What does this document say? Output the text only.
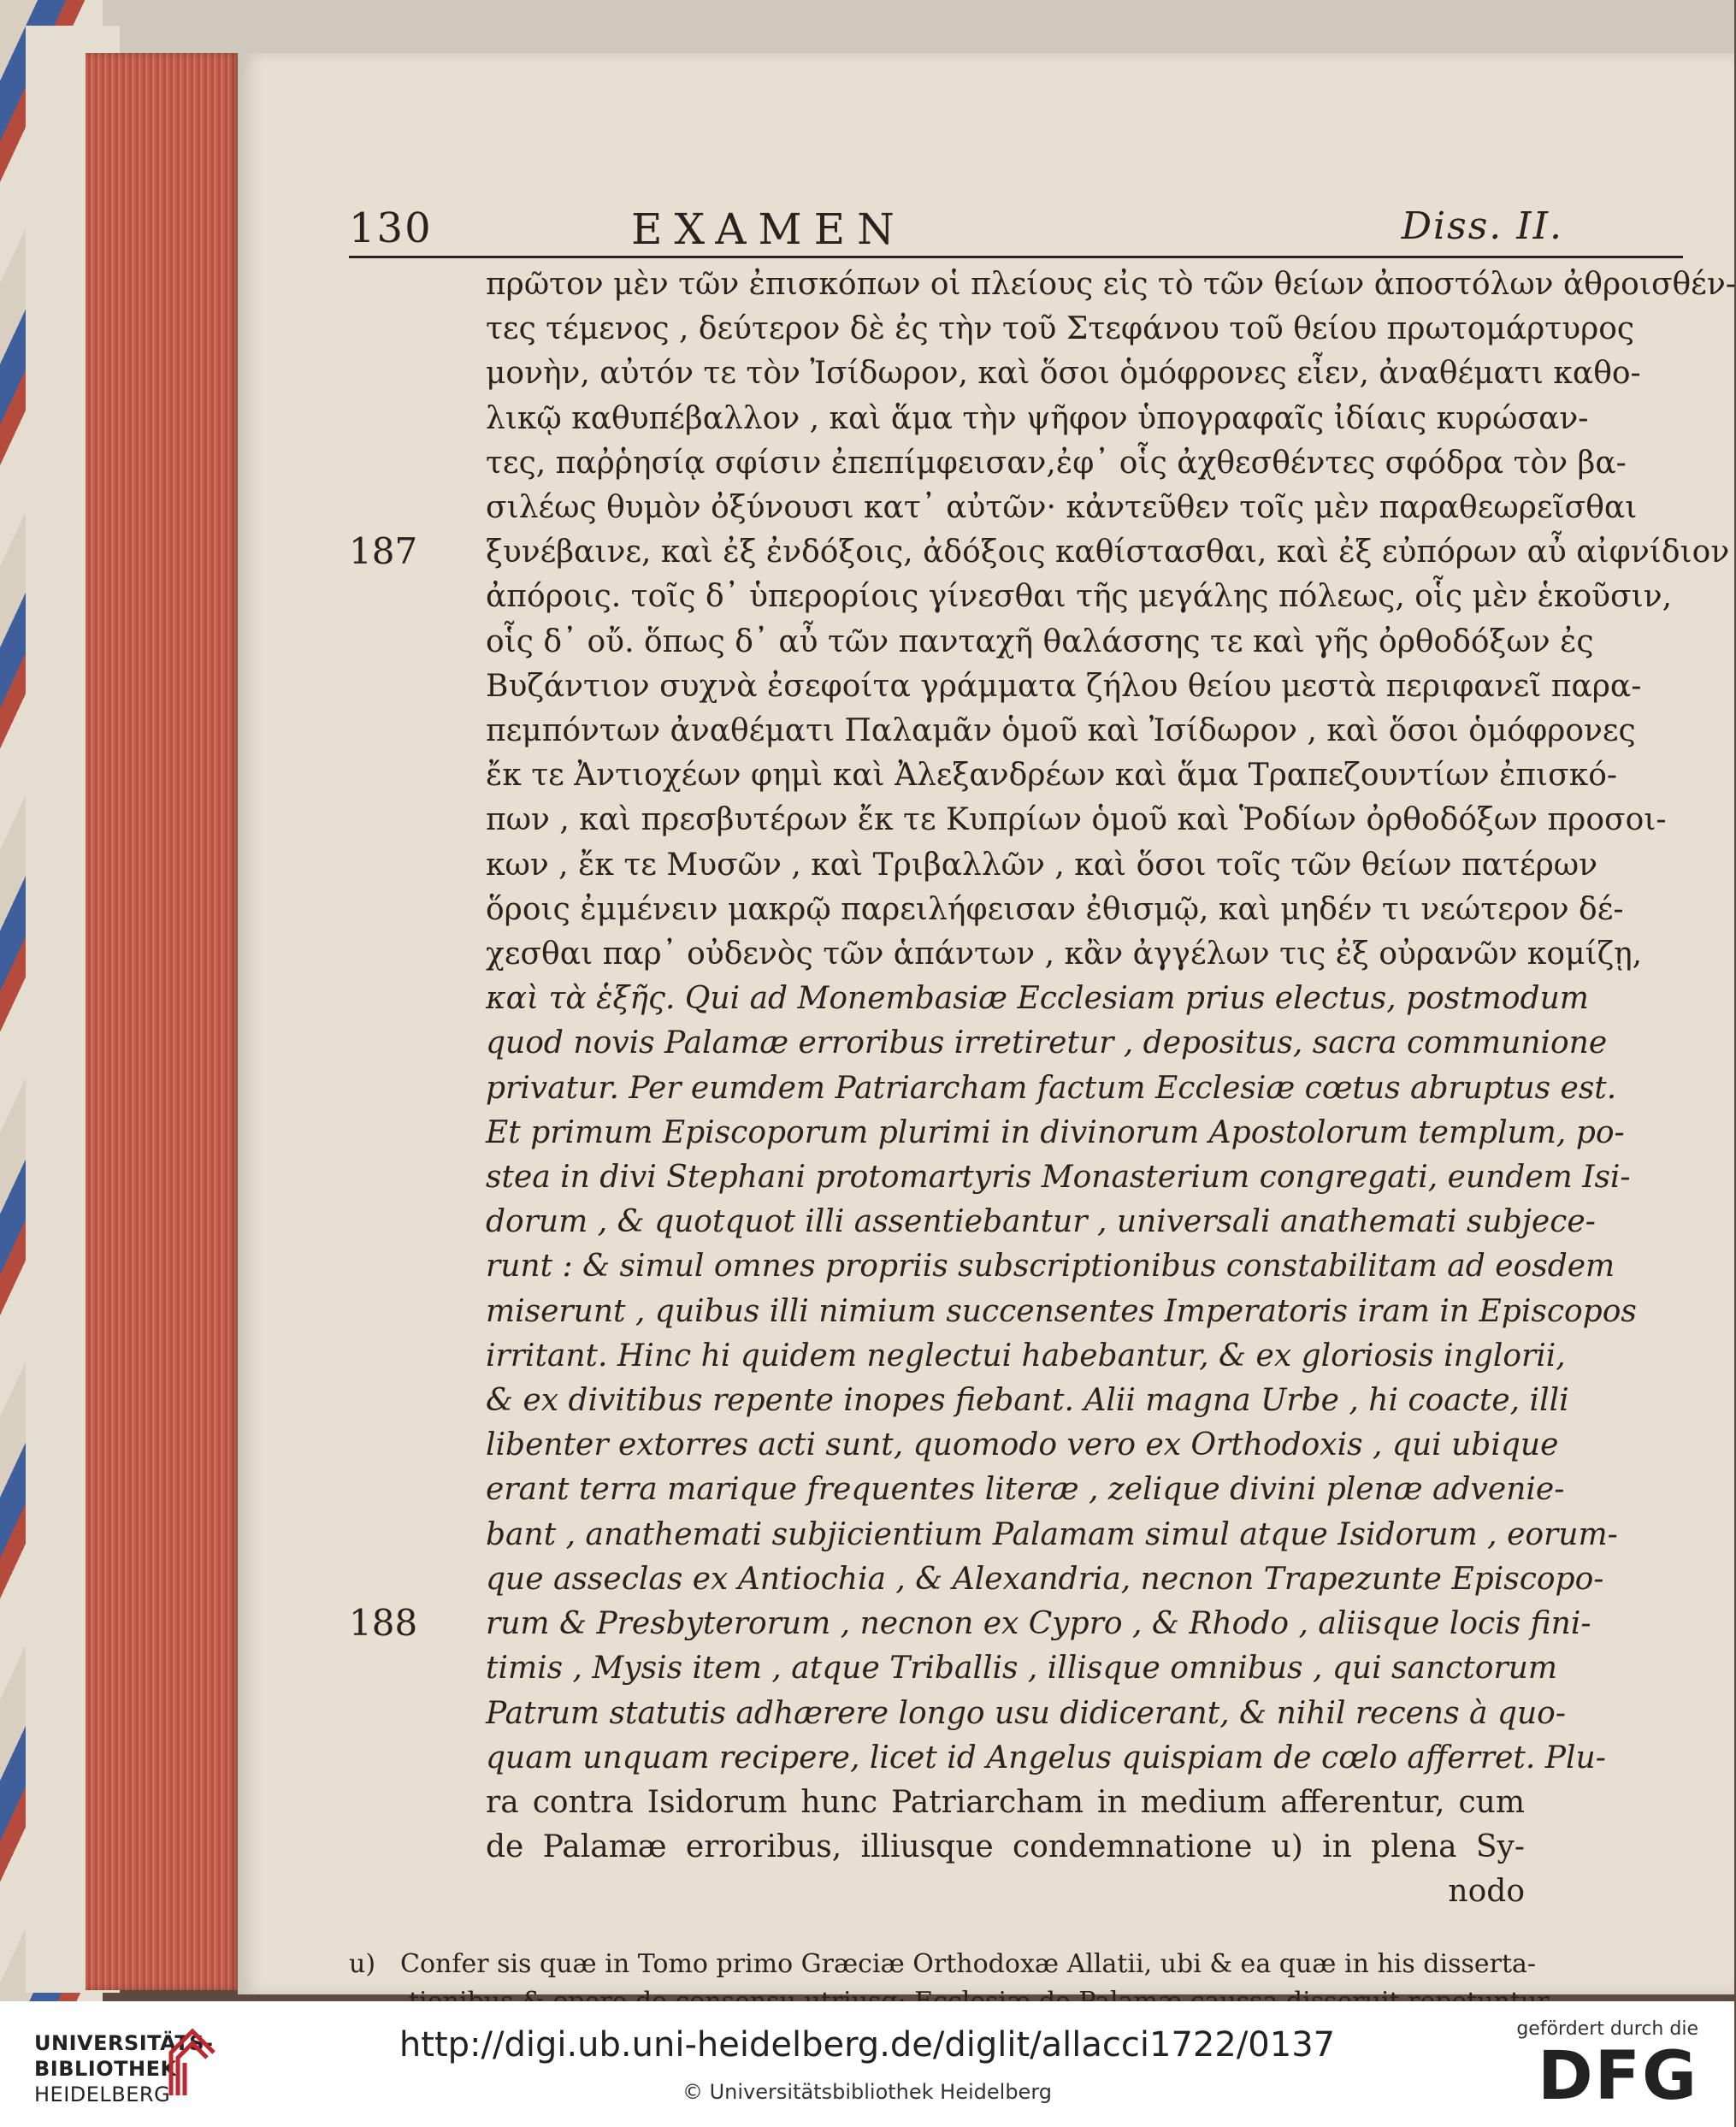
130	EXAMEN	Diss. II.
πρῶτον μὲν τῶν ἐπισκόπων οἱ πλείους εἰς τὸ τῶν θείων ἀποστόλων ἀθροισθέν-
τες τέμενος , δεύτερον δὲ ἐς τὴν τοῦ Στεφάνου τοῦ θείου πρωτομάρτυρος
μονὴν, αὐτόν τε τὸν Ἰσίδωρον, καὶ ὅσοι ὁμόφρονες εἶεν, ἀναθέματι καθο-
λικῷ καθυπέβαλλον , καὶ ἅμα τὴν ψῆφον ὑπογραφαῖς ἰδίαις κυρώσαν-
τες, παῤῥησίᾳ σφίσιν ἐπεπίμφεισαν,ἐφ᾽ οἷς ἀχθεσθέντες σφόδρα τὸν βα-
σιλέως θυμὸν ὀξύνουσι κατ᾽ αὐτῶν· κἀντεῦθεν τοῖς μὲν παραθεωρεῖσθαι
ξυνέβαινε, καὶ ἐξ ἐνδόξοις, ἀδόξοις καθίστασθαι, καὶ ἐξ εὐπόρων αὖ αἰφνίδιον
ἀπόροις. τοῖς δ᾽ ὑπερορίοις γίνεσθαι τῆς μεγάλης πόλεως, οἷς μὲν ἑκοῦσιν,
οἷς δ᾽ οὔ. ὅπως δ᾽ αὖ τῶν πανταχῆ θαλάσσης τε καὶ γῆς ὀρθοδόξων ἐς
Βυζάντιον συχνὰ ἐσεφοίτα γράμματα ζήλου θείου μεστὰ περιφανεῖ παρα-
πεμπόντων ἀναθέματι Παλαμᾶν ὁμοῦ καὶ Ἰσίδωρον , καὶ ὅσοι ὁμόφρονες
ἔκ τε Ἀντιοχέων φημὶ καὶ Ἀλεξανδρέων καὶ ἅμα Τραπεζουντίων ἐπισκό-
πων , καὶ πρεσβυτέρων ἔκ τε Κυπρίων ὁμοῦ καὶ Ῥοδίων ὀρθοδόξων προσοι-
κων , ἔκ τε Μυσῶν , καὶ Τριβαλλῶν , καὶ ὅσοι τοῖς τῶν θείων πατέρων
ὅροις ἐμμένειν μακρῷ παρειλήφεισαν ἐθισμῷ, καὶ μηδέν τι νεώτερον δέ-
χεσθαι παρ᾽ οὐδενὸς τῶν ἁπάντων , κἂν ἀγγέλων τις ἐξ οὐρανῶν κομίζῃ,
καὶ τὰ ἑξῆς. Qui ad Monembasiæ Ecclesiam prius electus, postmodum
quod novis Palamæ erroribus irretiretur , depositus, sacra communione
privatur. Per eumdem Patriarcham factum Ecclesiæ cœtus abruptus est.
Et primum Episcoporum plurimi in divinorum Apostolorum templum, po-
stea in divi Stephani protomartyris Monasterium congregati, eundem Isi-
dorum , & quotquot illi assentiebantur , universali anathemati subjece-
runt : & simul omnes propriis subscriptionibus constabilitam ad eosdem
miserunt , quibus illi nimium succensentes Imperatoris iram in Episcopos
irritant. Hinc hi quidem neglectui habebantur, & ex gloriosis inglorii,
& ex divitibus repente inopes fiebant. Alii magna Urbe , hi coacte, illi
libenter extorres acti sunt, quomodo vero ex Orthodoxis , qui ubique
erant terra marique frequentes literæ , zelique divini plenæ advenie-
bant , anathemati subjicientium Palamam simul atque Isidorum , eorum-
que asseclas ex Antiochia , & Alexandria, necnon Trapezunte Episcopo-
rum & Presbyterorum , necnon ex Cypro , & Rhodo , aliisque locis fini-
timis , Mysis item , atque Triballis , illisque omnibus , qui sanctorum
Patrum statutis adhærere longo usu didicerant, & nihil recens à quo-
quam unquam recipere, licet id Angelus quispiam de cœlo afferret. Plu-
ra contra Isidorum hunc Patriarcham in medium afferentur, cum
de Palamæ erroribus, illiusque condemnatione u) in plena Sy-
nodo
u) Confer sis quæ in Tomo primo Græciæ Orthodoxæ Allatii, ubi & ea quæ in his disserta-
187
188
UNIVERSITÄTS-
BIBLIOTHEK
HEIDELBERG
http://digi.ub.uni-heidelberg.de/diglit/allacci1722/0137
© Universitätsbibliothek Heidelberg
gefördert durch die
DFG
